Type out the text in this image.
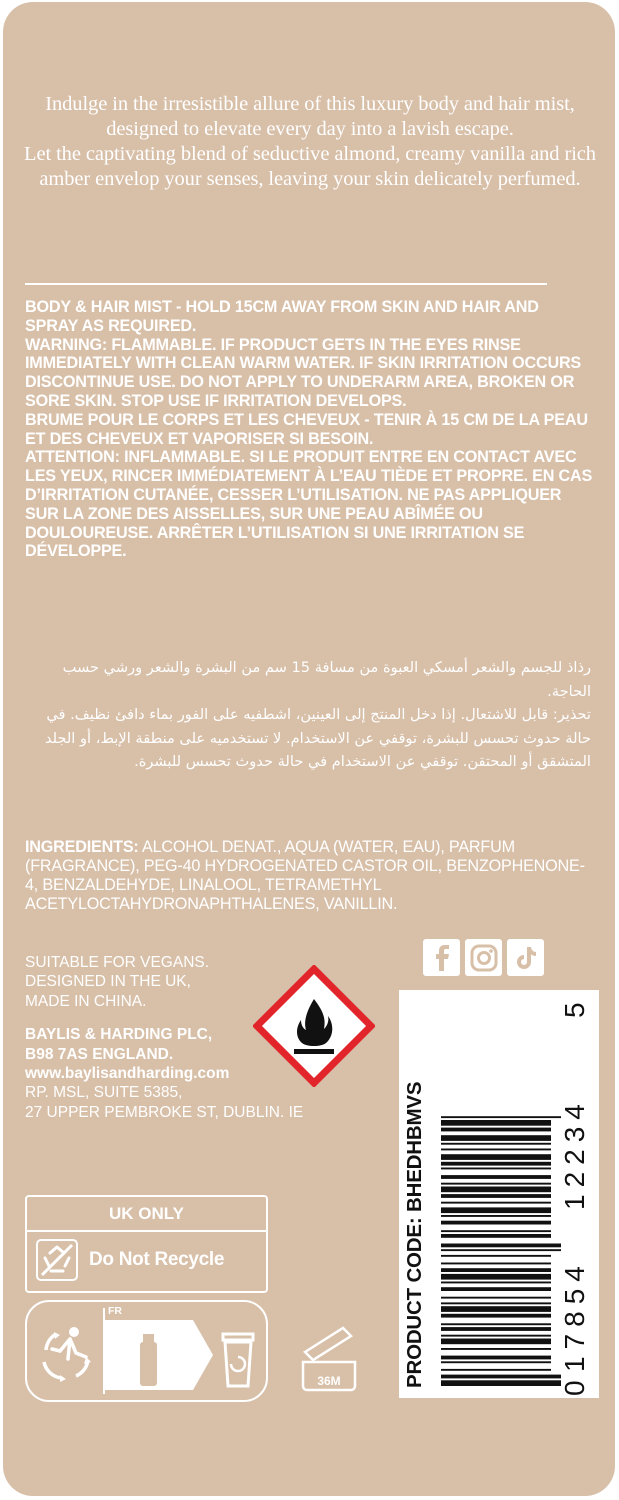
Indulge in the irresistible allure of this luxury body and hair mist, designed to elevate every day into a lavish escape.

Let the captivating blend of seductive almond, creamy vanilla and rich amber envelop your senses, leaving your skin delicately perfumed.

BODY & HAIR MIST - HOLD 15CM AWAY FROM SKIN AND HAIR AND SPRAY AS REQUIRED.

WARNING: FLAMMABLE. IF PRODUCT GETS IN THE EYES RINSE IMMEDIATELY WITH CLEAN WARM WATER. IF SKIN IRRITATION OCCURS DISCONTINUE USE. DO NOT APPLY TO UNDERARM AREA, BROKEN OR SORE SKIN. STOP USE IF IRRITATION DEVELOPS.

BRUME POUR LE CORPS ET LES CHEVEUX - TENIR À 15 CM DE LA PEAU ET DES CHEVEUX ET VAPORISER SI BESOIN.

ATTENTION: INFLAMMABLE. SI LE PRODUIT ENTRE EN CONTACT AVEC LES YEUX, RINCER IMMÉDIATEMENT À L’EAU TIÈDE ET PROPRE. EN CAS D’IRRITATION CUTANÉE, CESSER L’UTILISATION. NE PAS APPLIQUER SUR LA ZONE DES AISSELLES, SUR UNE PEAU ABÎMÉE OU DOULOUREUSE. ARRÊTER L’UTILISATION SI UNE IRRITATION SE DÉVELOPPE.

رذاذ للجسم والشعر أمسكي العبوة من مسافة 15 سم من البشرة والشعر ورشي حسب الحاجة.

تحذير: قابل للاشتعال. إذا دخل المنتج إلى العينين، اشطفيه على الفور بماء دافئ نظيف. في حالة حدوث تحسس للبشرة، توقفي عن الاستخدام. لا تستخدميه على منطقة الإبط، أو الجلد المتشقق أو المحتقن. توقفي عن الاستخدام في حالة حدوث تحسس للبشرة.

INGREDIENTS: ALCOHOL DENAT., AQUA (WATER, EAU), PARFUM (FRAGRANCE), PEG-40 HYDROGENATED CASTOR OIL, BENZOPHENONE-4, BENZALDEHYDE, LINALOOL, TETRAMETHYL ACETYLOCTAHYDRONAPHTHALENES, VANILLIN.

SUITABLE FOR VEGANS.
DESIGNED IN THE UK,
MADE IN CHINA.

BAYLIS & HARDING PLC,
B98 7AS ENGLAND.
www.baylisandharding.com
RP. MSL, SUITE 5385,
27 UPPER PEMBROKE ST, DUBLIN. IE

UK ONLY
Do Not Recycle
FR
36M	PRODUCT CODE: BHEDHBMVS
0
17854
12234
5
